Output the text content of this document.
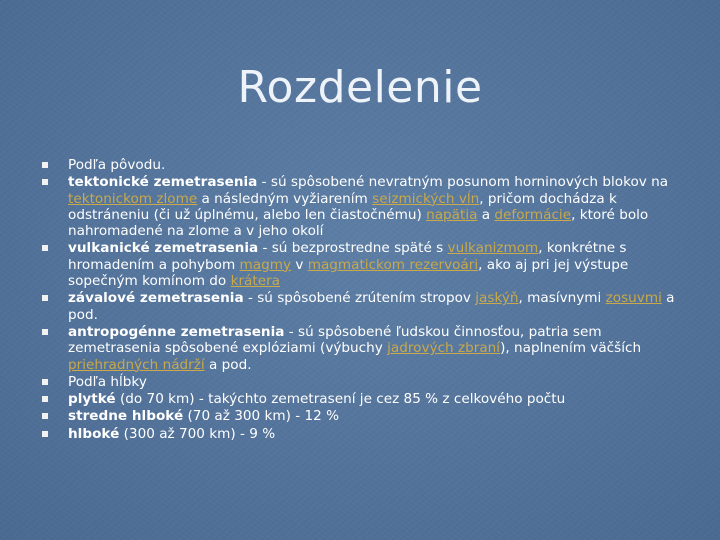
Rozdelenie
Podľa pôvodu.
tektonické zemetrasenia - sú spôsobené nevratným posunom horninových blokov na tektonickom zlome a následným vyžiarením seizmických vĺn, pričom dochádza k odstráneniu (či už úplnému, alebo len čiastočnému) napätia a deformácie, ktoré bolo nahromadené na zlome a v jeho okolí
vulkanické zemetrasenia - sú bezprostredne späté s vulkanizmom, konkrétne s hromadením a pohybom magmy v magmatickom rezervoári, ako aj pri jej výstupe sopečným komínom do krátera
závalové zemetrasenia - sú spôsobené zrútením stropov jaskýň, masívnymi zosuvmi a pod.
antropogénne zemetrasenia - sú spôsobené ľudskou činnosťou, patria sem zemetrasenia spôsobené explóziami (výbuchy jadrových zbraní), naplnením väčších priehradných nádrží a pod.
Podľa hĺbky
plytké (do 70 km) - takýchto zemetrasení je cez 85 % z celkového počtu
stredne hlboké (70 až 300 km) - 12 %
hlboké (300 až 700 km) - 9 %
